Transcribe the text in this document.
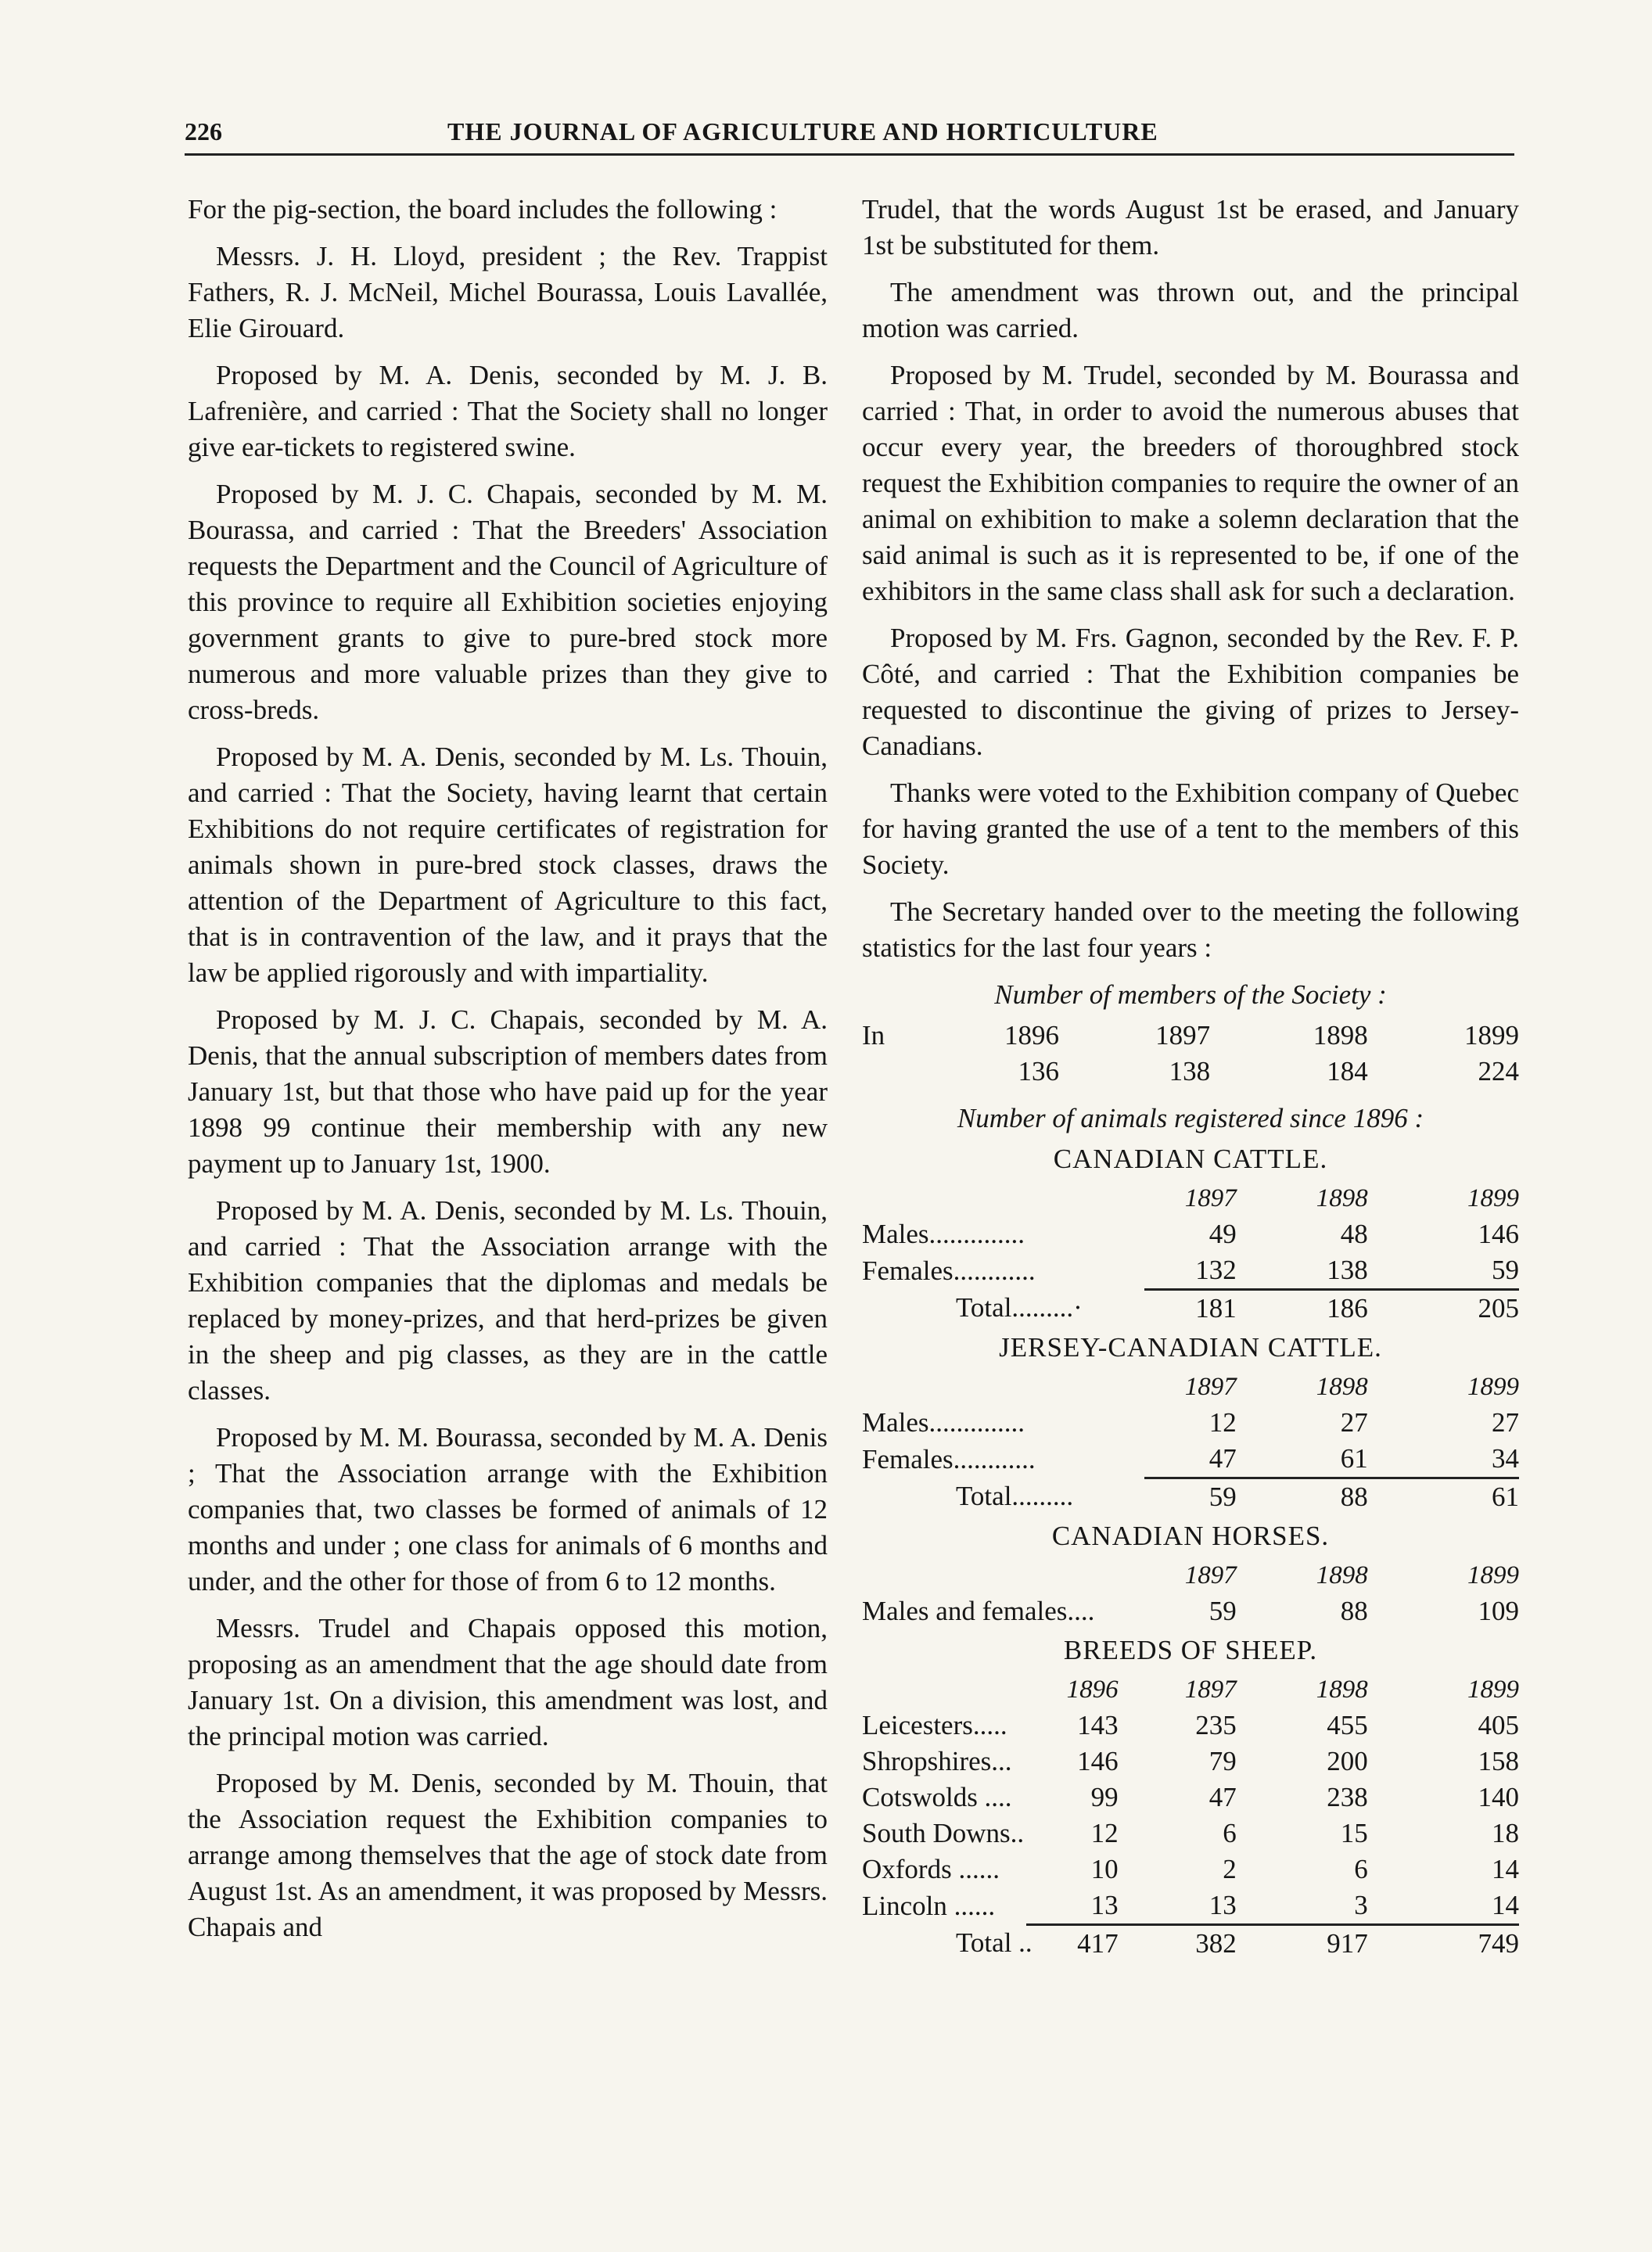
226	THE JOURNAL OF AGRICULTURE AND HORTICULTURE

For the pig-section, the board includes the following :

Messrs. J. H. Lloyd, president ; the Rev. Trappist Fathers, R. J. McNeil, Michel Bourassa, Louis Lavallée, Elie Girouard.

Proposed by M. A. Denis, seconded by M. J. B. Lafrenière, and carried : That the Society shall no longer give ear-tickets to registered swine.

Proposed by M. J. C. Chapais, seconded by M. M. Bourassa, and carried : That the Breeders' Association requests the Department and the Council of Agriculture of this province to require all Exhibition societies enjoying government grants to give to pure-bred stock more numerous and more valuable prizes than they give to cross-breds.

Proposed by M. A. Denis, seconded by M. Ls. Thouin, and carried : That the Society, having learnt that certain Exhibitions do not require certificates of registration for animals shown in pure-bred stock classes, draws the attention of the Department of Agriculture to this fact, that is in contravention of the law, and it prays that the law be applied rigorously and with impartiality.

Proposed by M. J. C. Chapais, seconded by M. A. Denis, that the annual subscription of members dates from January 1st, but that those who have paid up for the year 1898 99 continue their membership with any new payment up to January 1st, 1900.

Proposed by M. A. Denis, seconded by M. Ls. Thouin, and carried : That the Association arrange with the Exhibition companies that the diplomas and medals be replaced by money-prizes, and that herd-prizes be given in the sheep and pig classes, as they are in the cattle classes.

Proposed by M. M. Bourassa, seconded by M. A. Denis ; That the Association arrange with the Exhibition companies that, two classes be formed of animals of 12 months and under ; one class for animals of 6 months and under, and the other for those of from 6 to 12 months.

Messrs. Trudel and Chapais opposed this motion, proposing as an amendment that the age should date from January 1st. On a division, this amendment was lost, and the principal motion was carried.

Proposed by M. Denis, seconded by M. Thouin, that the Association request the Exhibition companies to arrange among themselves that the age of stock date from August 1st. As an amendment, it was proposed by Messrs. Chapais and

Trudel, that the words August 1st be erased, and January 1st be substituted for them.

The amendment was thrown out, and the principal motion was carried.

Proposed by M. Trudel, seconded by M. Bourassa and carried : That, in order to avoid the numerous abuses that occur every year, the breeders of thoroughbred stock request the Exhibition companies to require the owner of an animal on exhibition to make a solemn declaration that the said animal is such as it is represented to be, if one of the exhibitors in the same class shall ask for such a declaration.

Proposed by M. Frs. Gagnon, seconded by the Rev. F. P. Côté, and carried : That the Exhibition companies be requested to discontinue the giving of prizes to Jersey-Canadians.

Thanks were voted to the Exhibition company of Quebec for having granted the use of a tent to the members of this Society.

The Secretary handed over to the meeting the following statistics for the last four years :

Number of members of the Society :
In	1896	1897	1898	1899
	136	138	184	224
Number of animals registered since 1896 :
CANADIAN CATTLE.
	1897	1898	1899
Males..............	49	48	146
Females............	132	138	59
Total.........·	181	186	205
JERSEY-CANADIAN CATTLE.
	1897	1898	1899
Males..............	12	27	27
Females............	47	61	34
Total.........	59	88	61
CANADIAN HORSES.
	1897	1898	1899
Males and females....	59	88	109
BREEDS OF SHEEP.
	1896	1897	1898	1899
Leicesters.....	143	235	455	405
Shropshires...	146	79	200	158
Cotswolds ....	99	47	238	140
South Downs..	12	6	15	18
Oxfords ......	10	2	6	14
Lincoln ......	13	13	3	14
Total ..	417	382	917	749
